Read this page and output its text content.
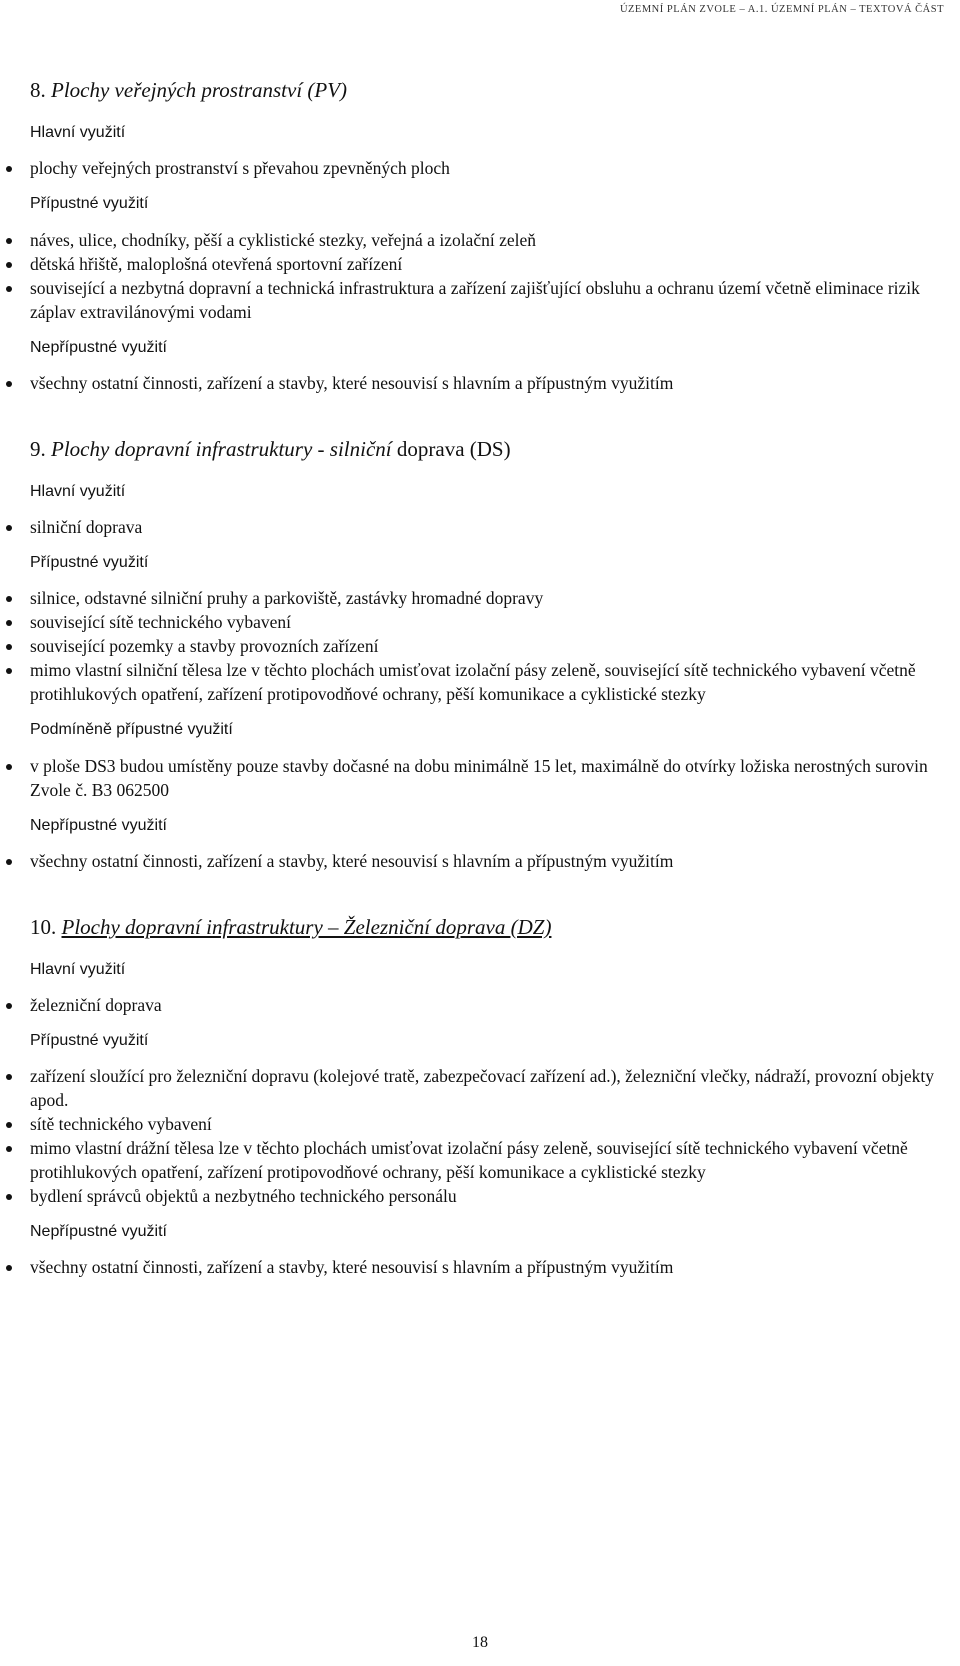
ÚZEMNÍ PLÁN ZVOLE – A.1. ÚZEMNÍ PLÁN – TEXTOVÁ ČÁST
8. Plochy veřejných prostranství (PV)
Hlavní využití
plochy veřejných prostranství s převahou zpevněných ploch
Přípustné využití
náves, ulice, chodníky, pěší a cyklistické stezky, veřejná a izolační zeleň
dětská hřiště, maloplošná otevřená sportovní zařízení
související a nezbytná dopravní a technická infrastruktura a zařízení zajišťující obsluhu a ochranu území včetně eliminace rizik záplav extravilánovými vodami
Nepřípustné využití
všechny ostatní činnosti, zařízení a stavby, které nesouvisí s hlavním a přípustným využitím
9. Plochy dopravní infrastruktury - silniční doprava (DS)
Hlavní využití
silniční doprava
Přípustné využití
silnice, odstavné silniční pruhy a parkoviště, zastávky hromadné dopravy
související sítě technického vybavení
související pozemky a stavby provozních zařízení
mimo vlastní silniční tělesa lze v těchto plochách umisťovat izolační pásy zeleně, související sítě technického vybavení včetně protihlukových opatření, zařízení protipovodňové ochrany, pěší komunikace a cyklistické stezky
Podmíněně přípustné využití
v ploše DS3 budou umístěny pouze stavby dočasné na dobu minimálně 15 let, maximálně do otvírky ložiska nerostných surovin Zvole č. B3 062500
Nepřípustné využití
všechny ostatní činnosti, zařízení a stavby, které nesouvisí s hlavním a přípustným využitím
10. Plochy dopravní infrastruktury – Železniční doprava (DZ)
Hlavní využití
železniční doprava
Přípustné využití
zařízení sloužící pro železniční dopravu (kolejové tratě, zabezpečovací zařízení ad.), železniční vlečky, nádraží, provozní objekty apod.
sítě technického vybavení
mimo vlastní drážní tělesa lze v těchto plochách umisťovat izolační pásy zeleně, související sítě technického vybavení včetně protihlukových opatření, zařízení protipovodňové ochrany, pěší komunikace a cyklistické stezky
bydlení správců objektů a nezbytného technického personálu
Nepřípustné využití
všechny ostatní činnosti, zařízení a stavby, které nesouvisí s hlavním a přípustným využitím
18
